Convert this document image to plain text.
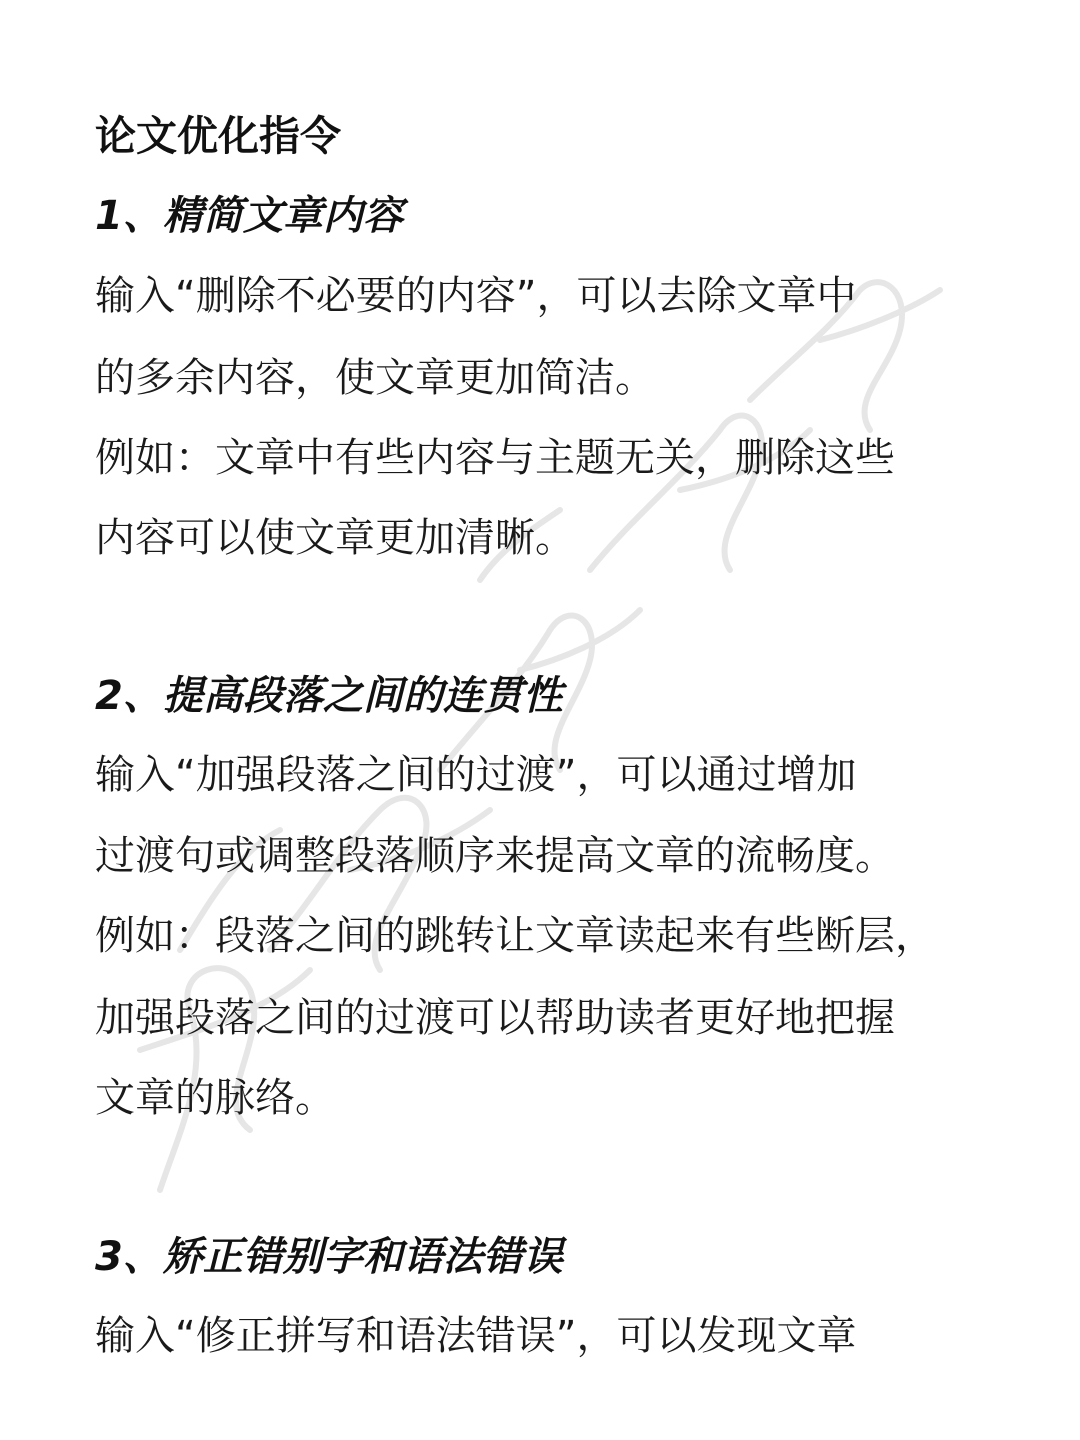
论文优化指令
1、精简文章内容
输入“删除不必要的内容”，可以去除文章中
的多余内容，使文章更加简洁。
例如：文章中有些内容与主题无关，删除这些
内容可以使文章更加清晰。
2、提高段落之间的连贯性
输入“加强段落之间的过渡”，可以通过增加
过渡句或调整段落顺序来提高文章的流畅度。
例如：段落之间的跳转让文章读起来有些断层，
加强段落之间的过渡可以帮助读者更好地把握
文章的脉络。
3、矫正错别字和语法错误
输入“修正拼写和语法错误”，可以发现文章
